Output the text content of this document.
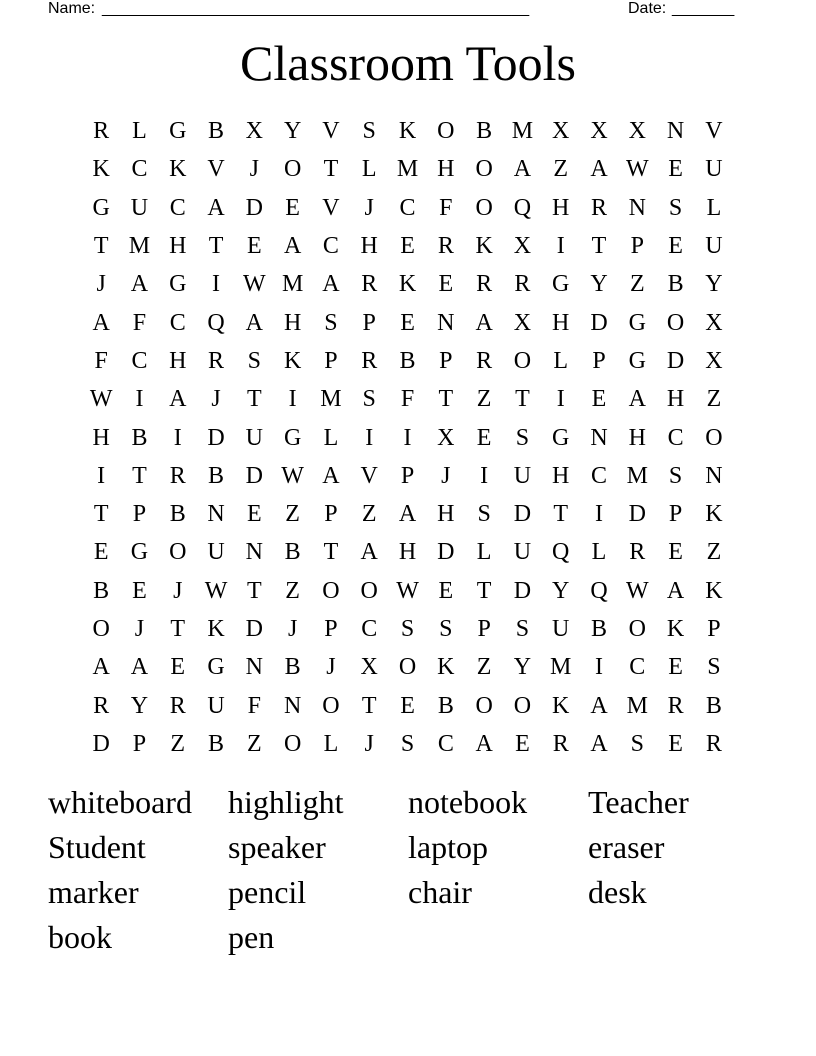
Name: ________________________________________________	Date: _______
Classroom Tools
R L G B X Y V S K O B M X X X N V
K C K V	J	O T L M H O A Z A W E U
G U C A D E V	J	C F O Q H R N S	L
T M H T E A C H E R K X	I	T	P	E U
J	A G	I W M A R K E R R G Y Z B Y
A F C Q A H S	P	E N A X H D G O X
F C H R S K P R B P R O L	P G D X
W I	A	J	T	I M S	F	T Z T	I	E A H Z
H B	I	D U G L	I	I	X E	S G N H C O
I	T R B D W A V P	J	I	U H C M S N
T	P B N E Z	P	Z A H S D T	I	D P K
E G O U N B T A H D L U Q L R E Z
B E	J W T Z O O W E T D Y Q W A K
O	J	T K D	J	P C S	S	P	S U B O K P
A A E G N B	J	X O K Z Y M I	C E	S
R Y R U F N O T E B O O K A M R B
D P	Z B Z O L	J	S C A E R A S	E R
whiteboard	highlight	notebook	Teacher
Student	speaker	laptop	eraser
marker	pencil	chair	desk
book	pen
